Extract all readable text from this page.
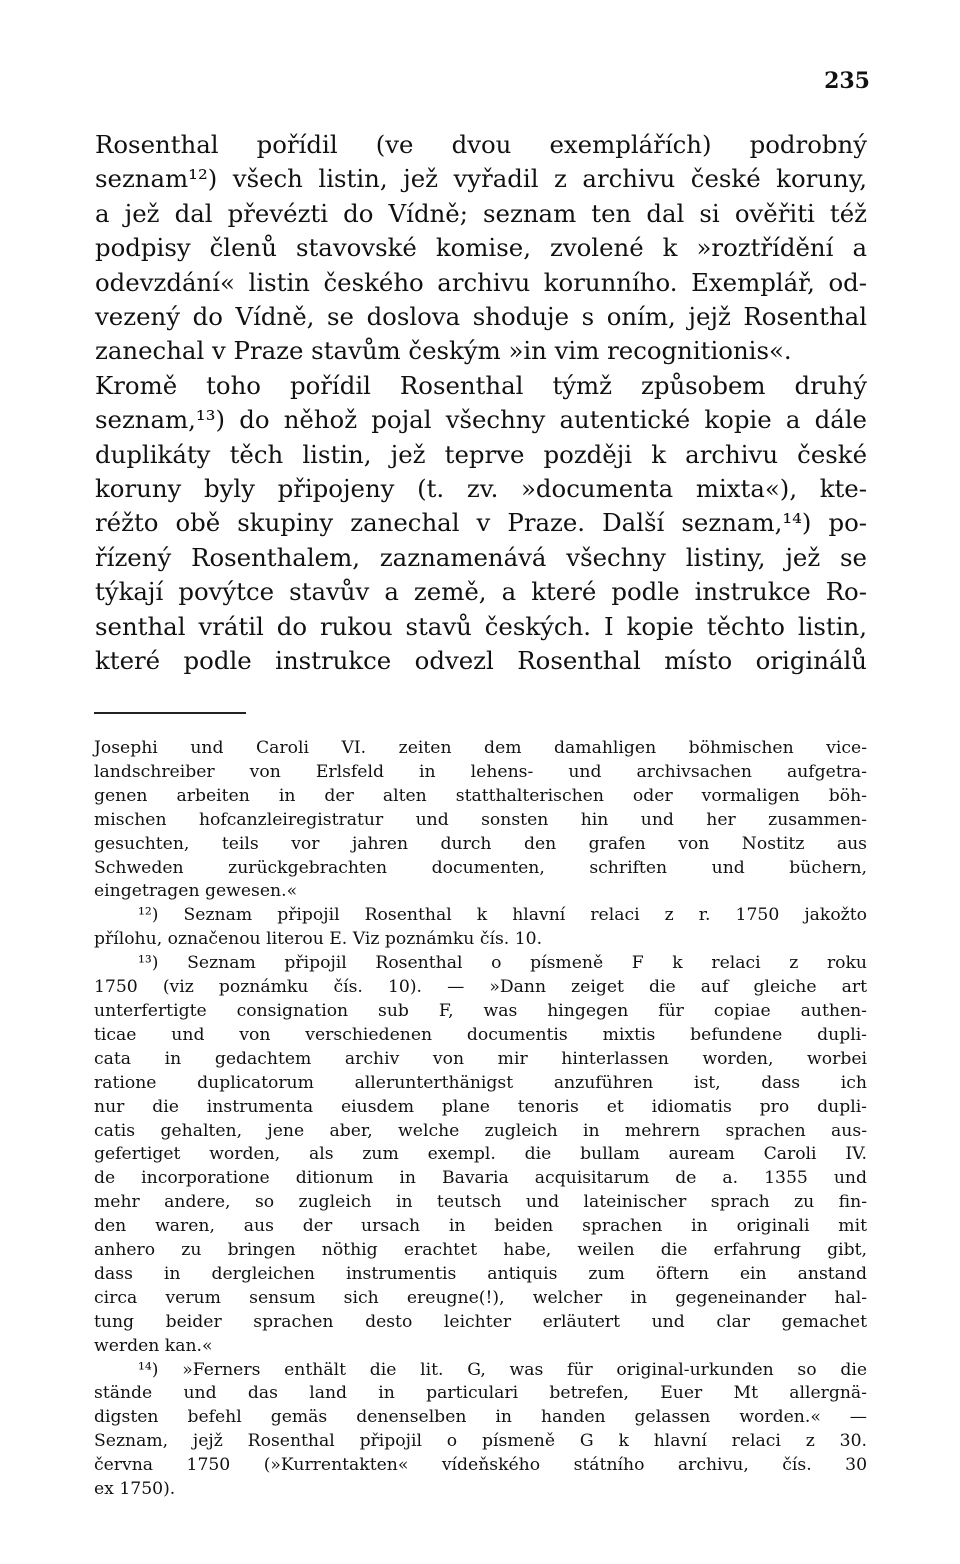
235
Rosenthal pořídil (ve dvou exemplářích) podrobný
seznam¹²) všech listin, jež vyřadil z archivu české koruny,
a jež dal převézti do Vídně; seznam ten dal si ověřiti též
podpisy členů stavovské komise, zvolené k »roztřídění a
odevzdání« listin českého archivu korunního. Exemplář, od-
vezený do Vídně, se doslova shoduje s oním, jejž Rosenthal
zanechal v Praze stavům českým »in vim recognitionis«.
Kromě toho pořídil Rosenthal týmž způsobem druhý
seznam,¹³) do něhož pojal všechny autentické kopie a dále
duplikáty těch listin, jež teprve později k archivu české
koruny byly připojeny (t. zv. »documenta mixta«), kte-
réžto obě skupiny zanechal v Praze. Další seznam,¹⁴) po-
řízený Rosenthalem, zaznamenává všechny listiny, jež se
týkají povýtce stavův a země, a které podle instrukce Ro-
senthal vrátil do rukou stavů českých. I kopie těchto listin,
které podle instrukce odvezl Rosenthal místo originálů
Josephi und Caroli VI. zeiten dem damahligen böhmischen vice-
landschreiber von Erlsfeld in lehens- und archivsachen aufgetra-
genen arbeiten in der alten statthalterischen oder vormaligen böh-
mischen hofcanzleiregistratur und sonsten hin und her zusammen-
gesuchten, teils vor jahren durch den grafen von Nostitz aus
Schweden zurückgebrachten documenten, schriften und büchern,
eingetragen gewesen.«
¹²) Seznam připojil Rosenthal k hlavní relaci z r. 1750 jakožto
přílohu, označenou literou E. Viz poznámku čís. 10.
¹³) Seznam připojil Rosenthal o písmeně F k relaci z roku
1750 (viz poznámku čís. 10). — »Dann zeiget die auf gleiche art
unterfertigte consignation sub F, was hingegen für copiae authen-
ticae und von verschiedenen documentis mixtis befundene dupli-
cata in gedachtem archiv von mir hinterlassen worden, worbei
ratione duplicatorum allerunterthänigst anzuführen ist, dass ich
nur die instrumenta eiusdem plane tenoris et idiomatis pro dupli-
catis gehalten, jene aber, welche zugleich in mehrern sprachen aus-
gefertiget worden, als zum exempl. die bullam auream Caroli IV.
de incorporatione ditionum in Bavaria acquisitarum de a. 1355 und
mehr andere, so zugleich in teutsch und lateinischer sprach zu fin-
den waren, aus der ursach in beiden sprachen in originali mit
anhero zu bringen nöthig erachtet habe, weilen die erfahrung gibt,
dass in dergleichen instrumentis antiquis zum öftern ein anstand
circa verum sensum sich ereugne(!), welcher in gegeneinander hal-
tung beider sprachen desto leichter erläutert und clar gemachet
werden kan.«
¹⁴) »Ferners enthält die lit. G, was für original-urkunden so die
stände und das land in particulari betrefen, Euer Mt allergnä-
digsten befehl gemäs denenselben in handen gelassen worden.« —
Seznam, jejž Rosenthal připojil o písmeně G k hlavní relaci z 30.
června 1750 (»Kurrentakten« vídeňského státního archivu, čís. 30
ex 1750).
